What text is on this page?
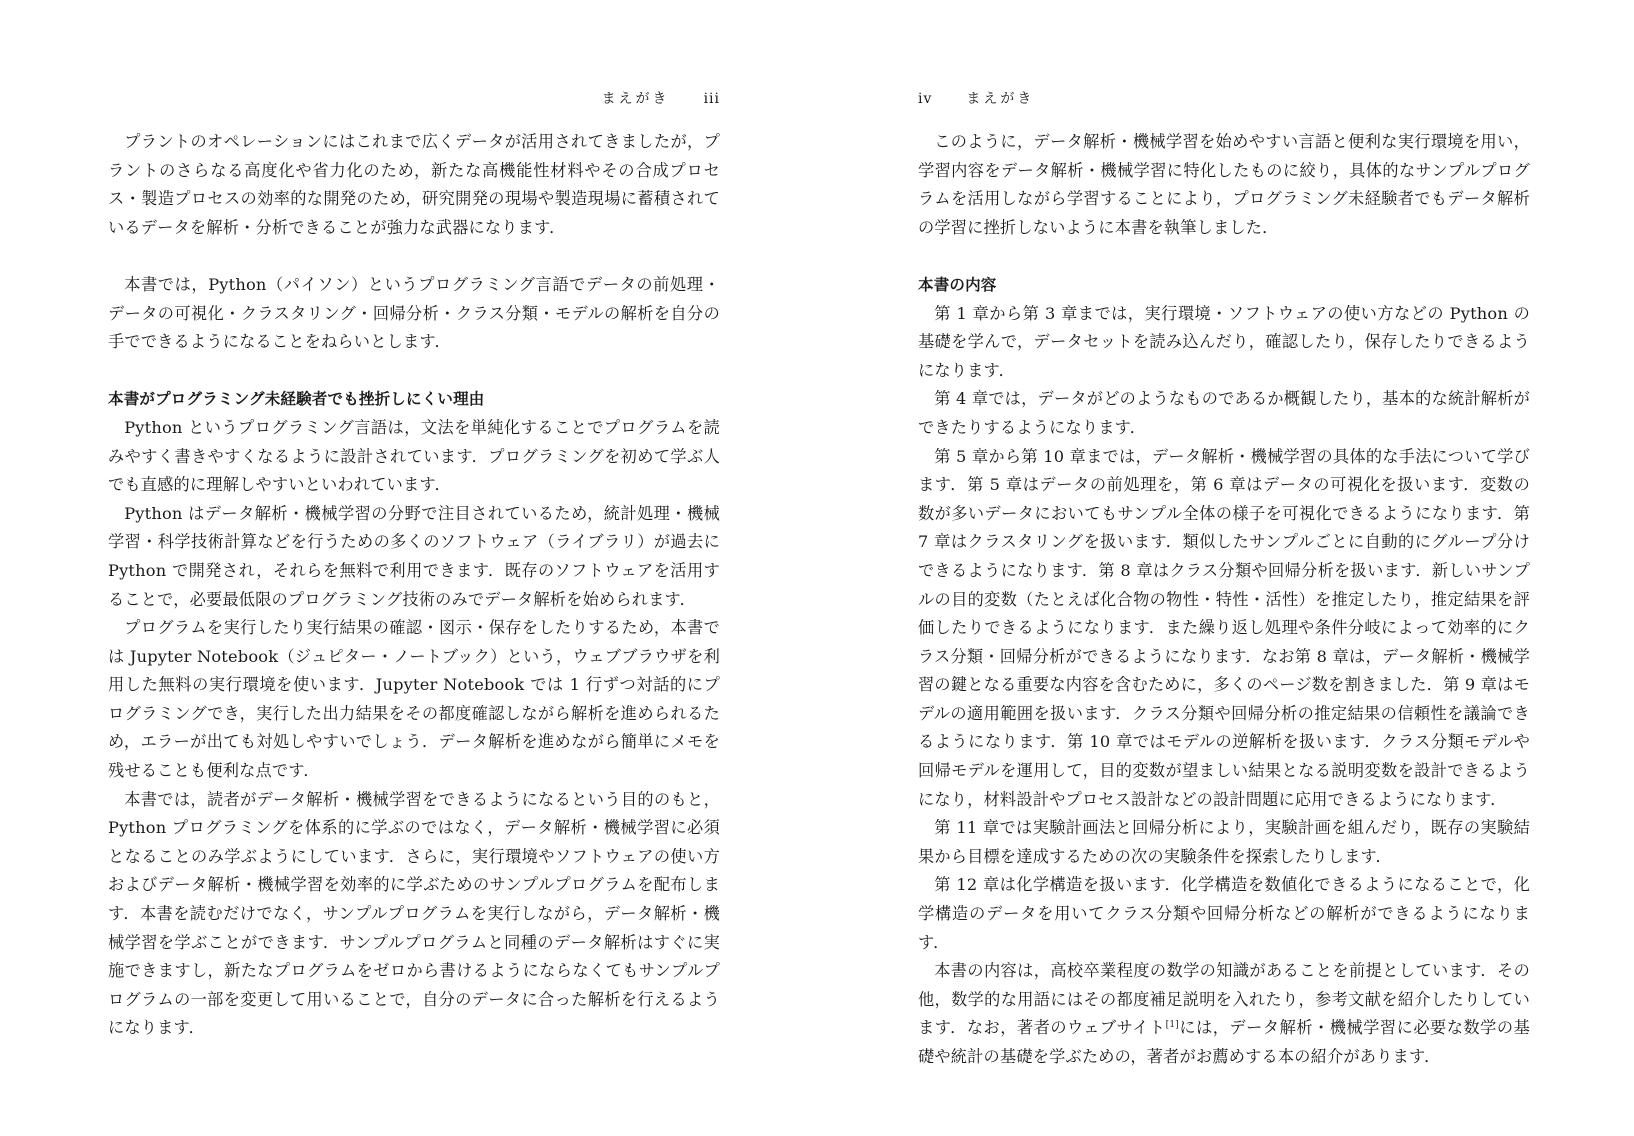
まえがき iii

プラントのオペレーションにはこれまで広くデータが活用されてきましたが，プラントのさらなる高度化や省力化のため，新たな高機能性材料やその合成プロセス・製造プロセスの効率的な開発のため，研究開発の現場や製造現場に蓄積されているデータを解析・分析できることが強力な武器になります．

本書では，Python（パイソン）というプログラミング言語でデータの前処理・データの可視化・クラスタリング・回帰分析・クラス分類・モデルの解析を自分の手でできるようになることをねらいとします．

本書がプログラミング未経験者でも挫折しにくい理由

Python というプログラミング言語は，文法を単純化することでプログラムを読みやすく書きやすくなるように設計されています．プログラミングを初めて学ぶ人でも直感的に理解しやすいといわれています．

Python はデータ解析・機械学習の分野で注目されているため，統計処理・機械学習・科学技術計算などを行うための多くのソフトウェア（ライブラリ）が過去に Python で開発され，それらを無料で利用できます．既存のソフトウェアを活用することで，必要最低限のプログラミング技術のみでデータ解析を始められます．

プログラムを実行したり実行結果の確認・図示・保存をしたりするため，本書では Jupyter Notebook（ジュピター・ノートブック）という，ウェブブラウザを利用した無料の実行環境を使います．Jupyter Notebook では 1 行ずつ対話的にプログラミングでき，実行した出力結果をその都度確認しながら解析を進められるため，エラーが出ても対処しやすいでしょう．データ解析を進めながら簡単にメモを残せることも便利な点です．

本書では，読者がデータ解析・機械学習をできるようになるという目的のもと，Python プログラミングを体系的に学ぶのではなく，データ解析・機械学習に必須となることのみ学ぶようにしています．さらに，実行環境やソフトウェアの使い方およびデータ解析・機械学習を効率的に学ぶためのサンプルプログラムを配布します．本書を読むだけでなく，サンプルプログラムを実行しながら，データ解析・機械学習を学ぶことができます．サンプルプログラムと同種のデータ解析はすぐに実施できますし，新たなプログラムをゼロから書けるようにならなくてもサンプルプログラムの一部を変更して用いることで，自分のデータに合った解析を行えるようになります．

iv まえがき

このように，データ解析・機械学習を始めやすい言語と便利な実行環境を用い，学習内容をデータ解析・機械学習に特化したものに絞り，具体的なサンプルプログラムを活用しながら学習することにより，プログラミング未経験者でもデータ解析の学習に挫折しないように本書を執筆しました．

本書の内容

第 1 章から第 3 章までは，実行環境・ソフトウェアの使い方などの Python の基礎を学んで，データセットを読み込んだり，確認したり，保存したりできるようになります．

第 4 章では，データがどのようなものであるか概観したり，基本的な統計解析ができたりするようになります．

第 5 章から第 10 章までは，データ解析・機械学習の具体的な手法について学びます．第 5 章はデータの前処理を，第 6 章はデータの可視化を扱います．変数の数が多いデータにおいてもサンプル全体の様子を可視化できるようになります．第 7 章はクラスタリングを扱います．類似したサンプルごとに自動的にグループ分けできるようになります．第 8 章はクラス分類や回帰分析を扱います．新しいサンプルの目的変数（たとえば化合物の物性・特性・活性）を推定したり，推定結果を評価したりできるようになります．また繰り返し処理や条件分岐によって効率的にクラス分類・回帰分析ができるようになります．なお第 8 章は，データ解析・機械学習の鍵となる重要な内容を含むために，多くのページ数を割きました．第 9 章はモデルの適用範囲を扱います．クラス分類や回帰分析の推定結果の信頼性を議論できるようになります．第 10 章ではモデルの逆解析を扱います．クラス分類モデルや回帰モデルを運用して，目的変数が望ましい結果となる説明変数を設計できるようになり，材料設計やプロセス設計などの設計問題に応用できるようになります．

第 11 章では実験計画法と回帰分析により，実験計画を組んだり，既存の実験結果から目標を達成するための次の実験条件を探索したりします．

第 12 章は化学構造を扱います．化学構造を数値化できるようになることで，化学構造のデータを用いてクラス分類や回帰分析などの解析ができるようになります．

本書の内容は，高校卒業程度の数学の知識があることを前提としています．その他，数学的な用語にはその都度補足説明を入れたり，参考文献を紹介したりしています．なお，著者のウェブサイト[1]には，データ解析・機械学習に必要な数学の基礎や統計の基礎を学ぶための，著者がお薦めする本の紹介があります．
